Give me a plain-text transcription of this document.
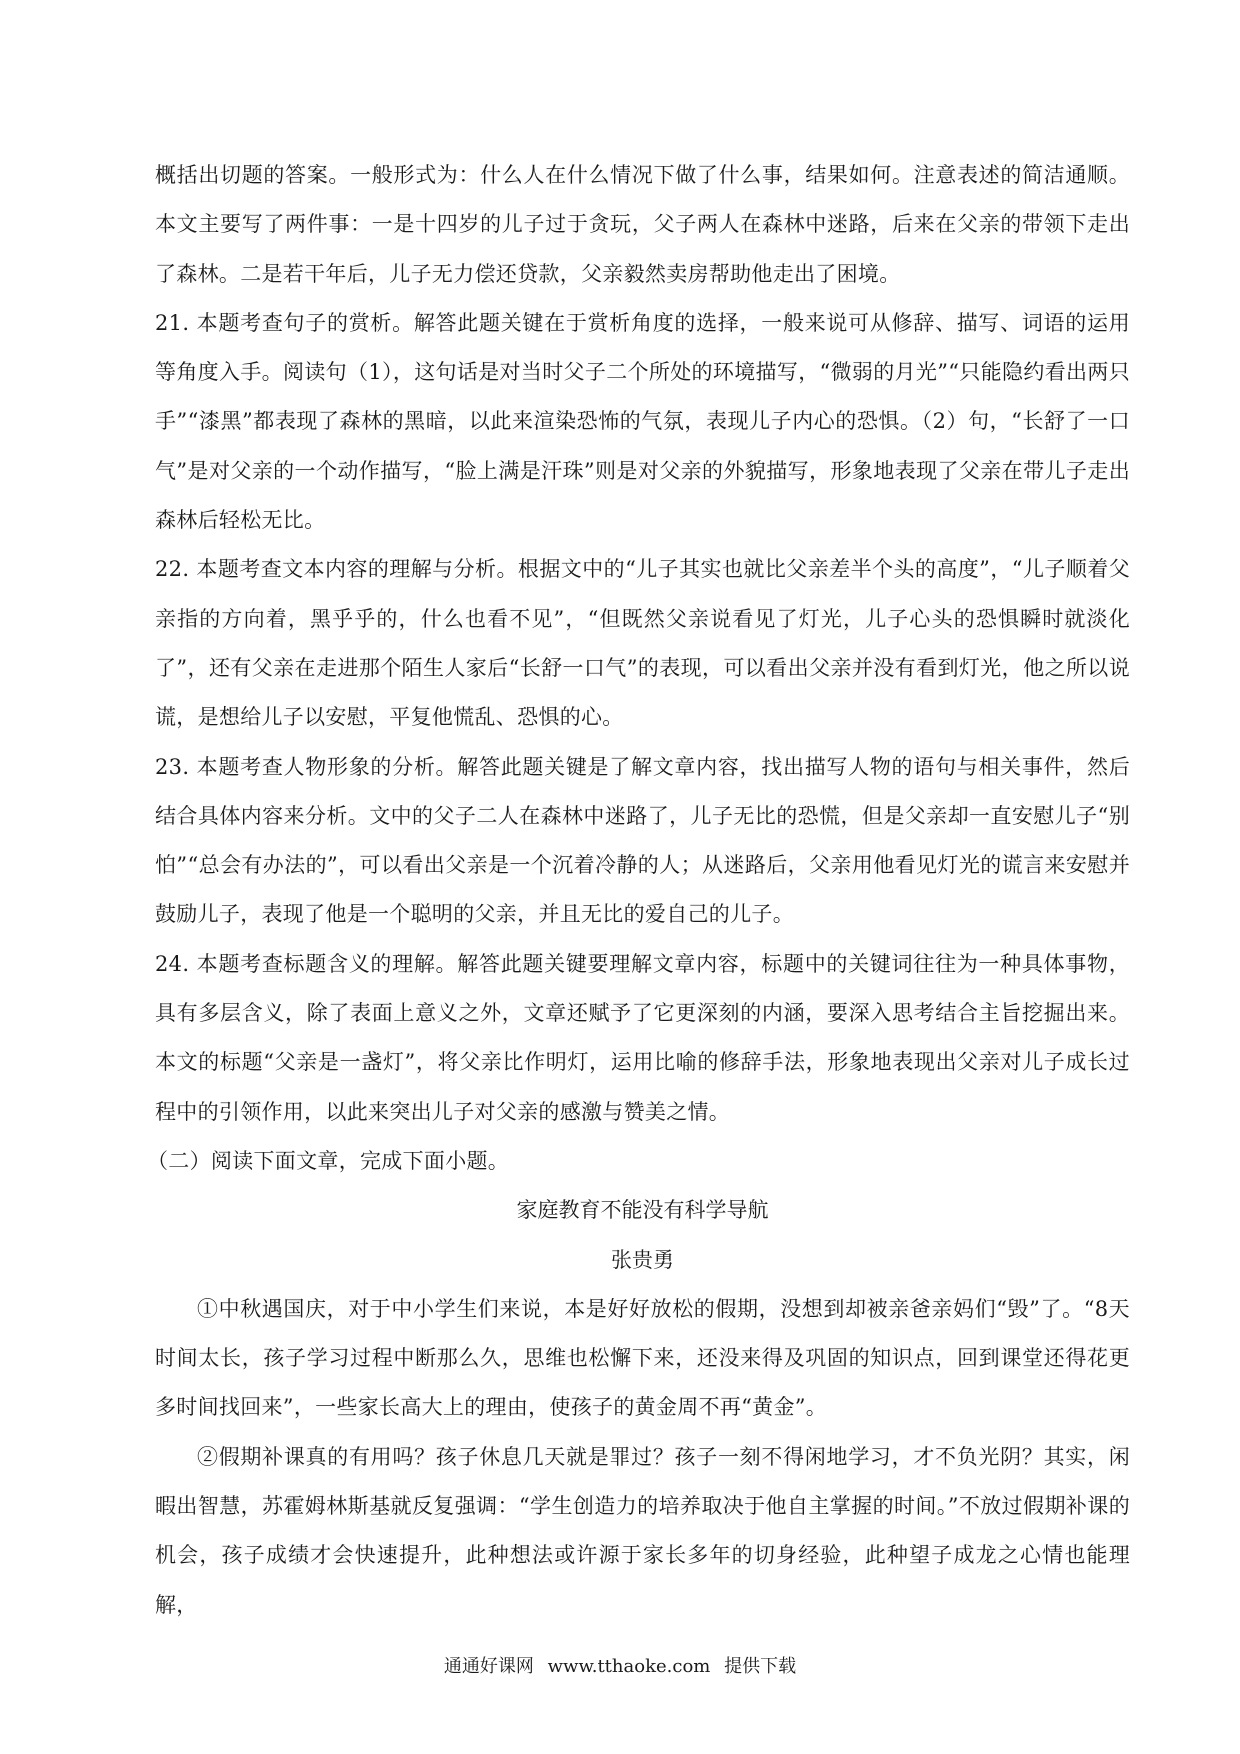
概括出切题的答案。一般形式为：什么人在什么情况下做了什么事，结果如何。注意表述的简洁通顺。本文主要写了两件事：一是十四岁的儿子过于贪玩，父子两人在森林中迷路，后来在父亲的带领下走出了森林。二是若干年后，儿子无力偿还贷款，父亲毅然卖房帮助他走出了困境。

21. 本题考查句子的赏析。解答此题关键在于赏析角度的选择，一般来说可从修辞、描写、词语的运用等角度入手。阅读句（1），这句话是对当时父子二个所处的环境描写，“微弱的月光”“只能隐约看出两只手”“漆黑”都表现了森林的黑暗，以此来渲染恐怖的气氛，表现儿子内心的恐惧。（2）句，“长舒了一口气”是对父亲的一个动作描写，“脸上满是汗珠”则是对父亲的外貌描写，形象地表现了父亲在带儿子走出森林后轻松无比。

22. 本题考查文本内容的理解与分析。根据文中的“儿子其实也就比父亲差半个头的高度”，“儿子顺着父亲指的方向着，黑乎乎的，什么也看不见”，“但既然父亲说看见了灯光，儿子心头的恐惧瞬时就淡化了”，还有父亲在走进那个陌生人家后“长舒一口气”的表现，可以看出父亲并没有看到灯光，他之所以说谎，是想给儿子以安慰，平复他慌乱、恐惧的心。

23. 本题考查人物形象的分析。解答此题关键是了解文章内容，找出描写人物的语句与相关事件，然后结合具体内容来分析。文中的父子二人在森林中迷路了，儿子无比的恐慌，但是父亲却一直安慰儿子“别怕”“总会有办法的”，可以看出父亲是一个沉着冷静的人；从迷路后，父亲用他看见灯光的谎言来安慰并鼓励儿子，表现了他是一个聪明的父亲，并且无比的爱自己的儿子。

24. 本题考查标题含义的理解。解答此题关键要理解文章内容，标题中的关键词往往为一种具体事物，具有多层含义，除了表面上意义之外，文章还赋予了它更深刻的内涵，要深入思考结合主旨挖掘出来。本文的标题“父亲是一盏灯”，将父亲比作明灯，运用比喻的修辞手法，形象地表现出父亲对儿子成长过程中的引领作用，以此来突出儿子对父亲的感激与赞美之情。

（二）阅读下面文章，完成下面小题。

家庭教育不能没有科学导航

张贵勇

①中秋遇国庆，对于中小学生们来说，本是好好放松的假期，没想到却被亲爸亲妈们“毁”了。“8天时间太长，孩子学习过程中断那么久，思维也松懈下来，还没来得及巩固的知识点，回到课堂还得花更多时间找回来”，一些家长高大上的理由，使孩子的黄金周不再“黄金”。

②假期补课真的有用吗？孩子休息几天就是罪过？孩子一刻不得闲地学习，才不负光阴？其实，闲暇出智慧，苏霍姆林斯基就反复强调：“学生创造力的培养取决于他自主掌握的时间。”不放过假期补课的机会，孩子成绩才会快速提升，此种想法或许源于家长多年的切身经验，此种望子成龙之心情也能理解，

通通好课网 www.tthaoke.com 提供下载
